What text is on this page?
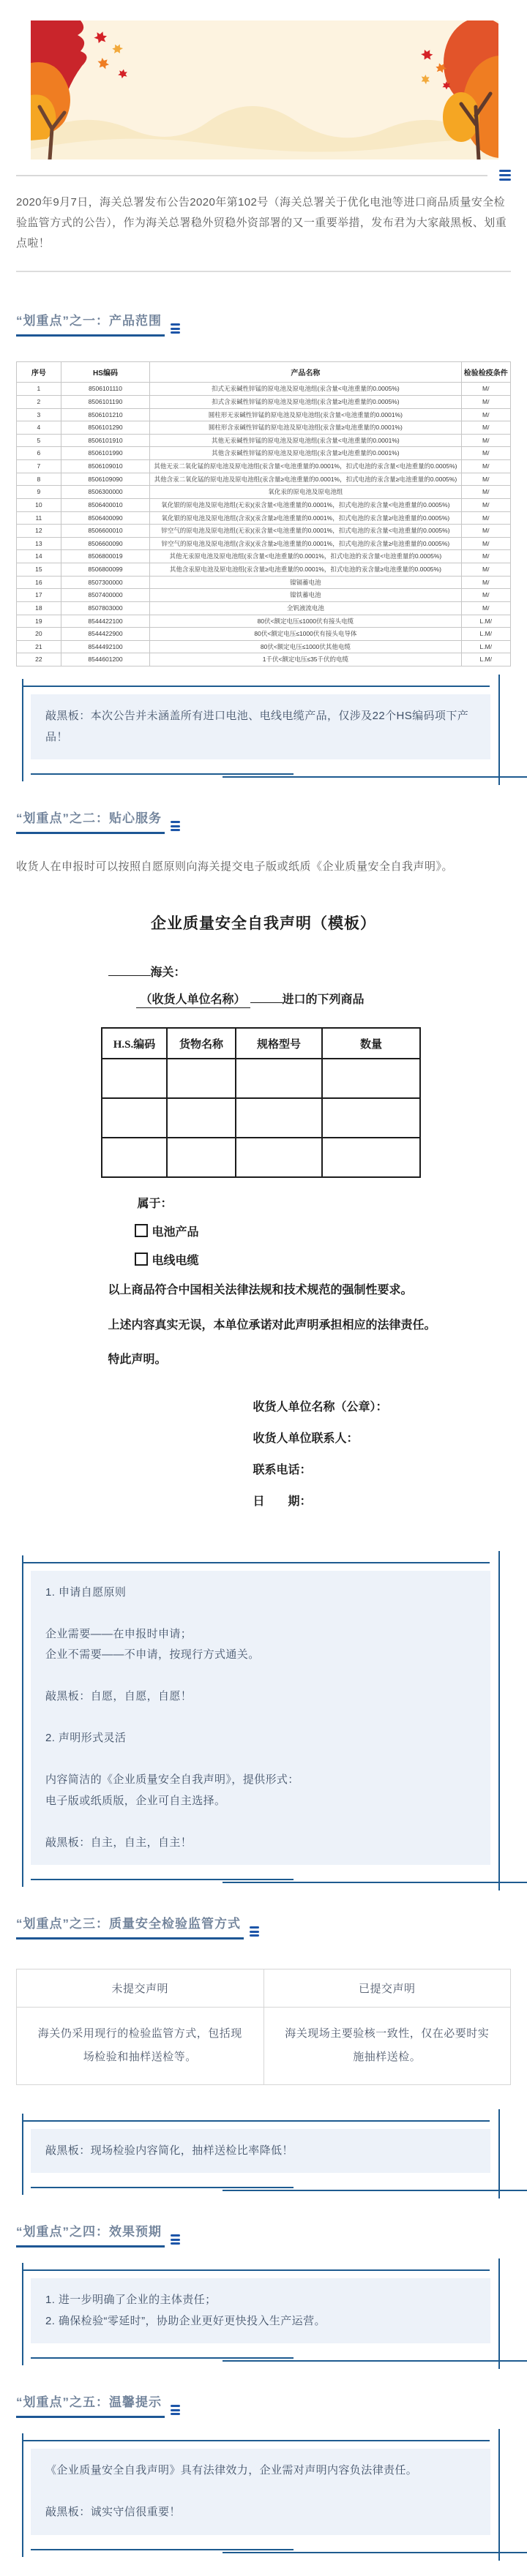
2020年9月7日，海关总署发布公告2020年第102号（海关总署关于优化电池等进口商品质量安全检验监管方式的公告），作为海关总署稳外贸稳外资部署的又一重要举措，发布君为大家敲黑板、划重点啦！

“划重点”之一：产品范围
序号	HS编码	产品名称	检验检疫条件
1	8506101110	扣式无汞碱性锌锰的原电池及原电池组(汞含量<电池重量的0.0005%)	M/
2	8506101190	扣式含汞碱性锌锰的原电池及原电池组(汞含量≥电池重量的0.0005%)	M/
3	8506101210	圆柱形无汞碱性锌锰的原电池及原电池组(汞含量<电池重量的0.0001%)	M/
4	8506101290	圆柱形含汞碱性锌锰的原电池及原电池组(汞含量≥电池重量的0.0001%)	M/
5	8506101910	其他无汞碱性锌锰的原电池及原电池组(汞含量<电池重量的0.0001%)	M/
6	8506101990	其他含汞碱性锌锰的原电池及原电池组(汞含量≥电池重量的0.0001%)	M/
7	8506109010	其他无汞二氧化锰的原电池及原电池组(汞含量<电池重量的0.0001%，扣式电池的汞含量<电池重量的0.0005%)	M/
8	8506109090	其他含汞二氧化锰的原电池及原电池组(汞含量≥电池重量的0.0001%，扣式电池的汞含量≥电池重量的0.0005%)	M/
9	8506300000	氧化汞的原电池及原电池组	M/
10	8506400010	氧化银的原电池及原电池组(无汞)(汞含量<电池重量的0.0001%，扣式电池的汞含量<电池重量的0.0005%)	M/
11	8506400090	氧化银的原电池及原电池组(含汞)(汞含量≥电池重量的0.0001%，扣式电池的汞含量≥电池重量的0.0005%)	M/
12	8506600010	锌空气的原电池及原电池组(无汞)(汞含量<电池重量的0.0001%，扣式电池的汞含量<电池重量的0.0005%)	M/
13	8506600090	锌空气的原电池及原电池组(含汞)(汞含量≥电池重量的0.0001%，扣式电池的汞含量≥电池重量的0.0005%)	M/
14	8506800019	其他无汞原电池及原电池组(汞含量<电池重量的0.0001%，扣式电池的汞含量<电池重量的0.0005%)	M/
15	8506800099	其他含汞原电池及原电池组(汞含量≥电池重量的0.0001%，扣式电池的汞含量≥电池重量的0.0005%)	M/
16	8507300000	镍镉蓄电池	M/
17	8507400000	镍铁蓄电池	M/
18	8507803000	全钒液流电池	M/
19	8544422100	80伏<额定电压≤1000伏有接头电缆	L.M/
20	8544422900	80伏<额定电压≤1000伏有接头电导体	L.M/
21	8544492100	80伏<额定电压≤1000伏其他电缆	L.M/
22	8544601200	1千伏<额定电压≤35千伏的电缆	L.M/

敲黑板：本次公告并未涵盖所有进口电池、电线电缆产品，仅涉及22个HS编码项下产品！

“划重点”之二：贴心服务

收货人在申报时可以按照自愿原则向海关提交电子版或纸质《企业质量安全自我声明》。

企业质量安全自我声明（模板）
海关：
（收货人单位名称）	进口的下列商品
H.S.编码	货物名称	规格型号	数量

属于：
电池产品
电线电缆

以上商品符合中国相关法律法规和技术规范的强制性要求。

上述内容真实无误，本单位承诺对此声明承担相应的法律责任。

特此声明。

收货人单位名称（公章）：

收货人单位联系人：

联系电话：

日　　期：

1. 申请自愿原则

企业需要——在申报时申请；

企业不需要——不申请，按现行方式通关。

敲黑板：自愿，自愿，自愿！

2. 声明形式灵活

内容简洁的《企业质量安全自我声明》，提供形式：

电子版或纸质版，企业可自主选择。

敲黑板：自主，自主，自主！

“划重点”之三：质量安全检验监管方式
未提交声明	已提交声明
海关仍采用现行的检验监管方式，包括现场检验和抽样送检等。	海关现场主要验核一致性，仅在必要时实施抽样送检。

敲黑板：现场检验内容简化，抽样送检比率降低！

“划重点”之四：效果预期

1. 进一步明确了企业的主体责任；

2. 确保检验“零延时”，协助企业更好更快投入生产运营。

“划重点”之五：温馨提示

《企业质量安全自我声明》具有法律效力，企业需对声明内容负法律责任。

敲黑板：诚实守信很重要！
